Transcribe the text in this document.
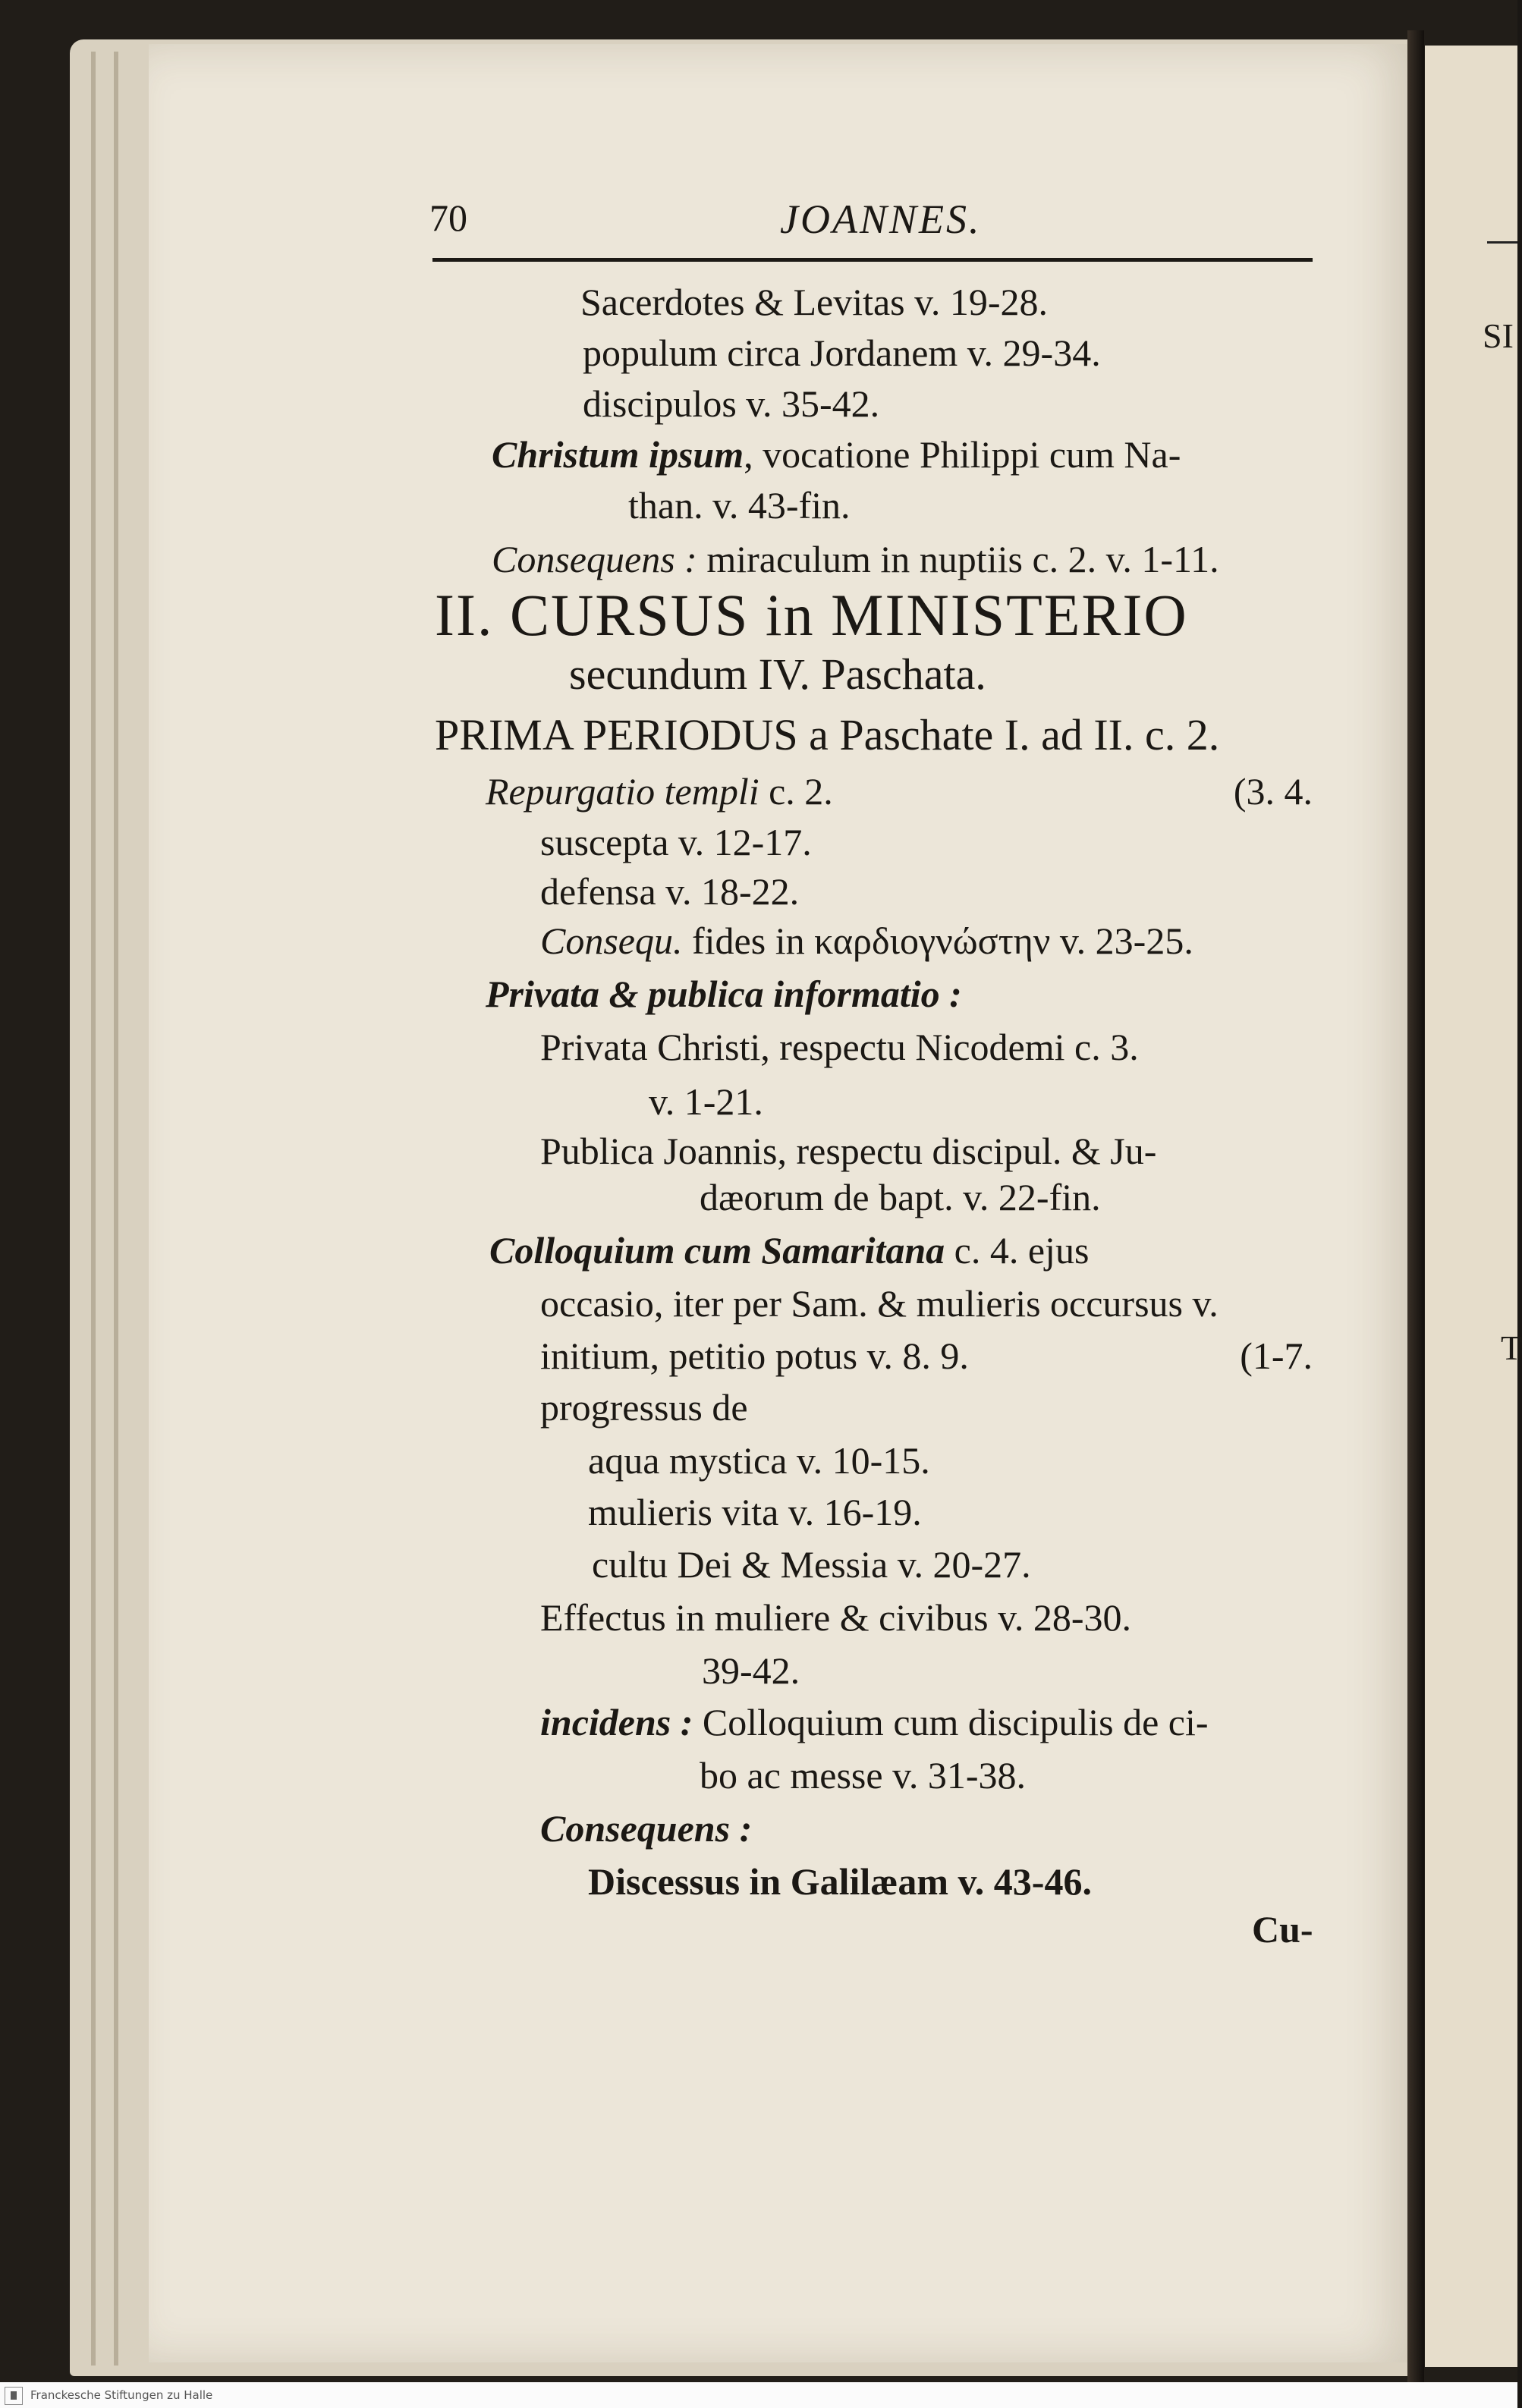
SI
T
70	JOANNES.
Sacerdotes & Levitas v. 19-28.
populum circa Jordanem v. 29-34.
discipulos v. 35-42.
Christum ipsum, vocatione Philippi cum Na-
than. v. 43-fin.
Consequens : miraculum in nuptiis c. 2. v. 1-11.
II. CURSUS in MINISTERIO
secundum IV. Paschata.
PRIMA PERIODUS a Paschate I. ad II. c. 2.
Repurgatio templi c. 2.	(3. 4.
suscepta v. 12-17.
defensa v. 18-22.
Consequ. fides in καρδιογνώστην v. 23-25.
Privata & publica informatio :
Privata Christi, respectu Nicodemi c. 3.
v. 1-21.
Publica Joannis, respectu discipul. & Ju-
dæorum de bapt. v. 22-fin.
Colloquium cum Samaritana c. 4. ejus
occasio, iter per Sam. & mulieris occursus v.
initium, petitio potus v. 8. 9.	(1-7.
progressus de
aqua mystica v. 10-15.
mulieris vita v. 16-19.
cultu Dei & Messia v. 20-27.
Effectus in muliere & civibus v. 28-30.
39-42.
incidens : Colloquium cum discipulis de ci-
bo ac messe v. 31-38.
Consequens :
Discessus in Galilæam v. 43-46.
Cu-
Franckesche Stiftungen zu Halle
